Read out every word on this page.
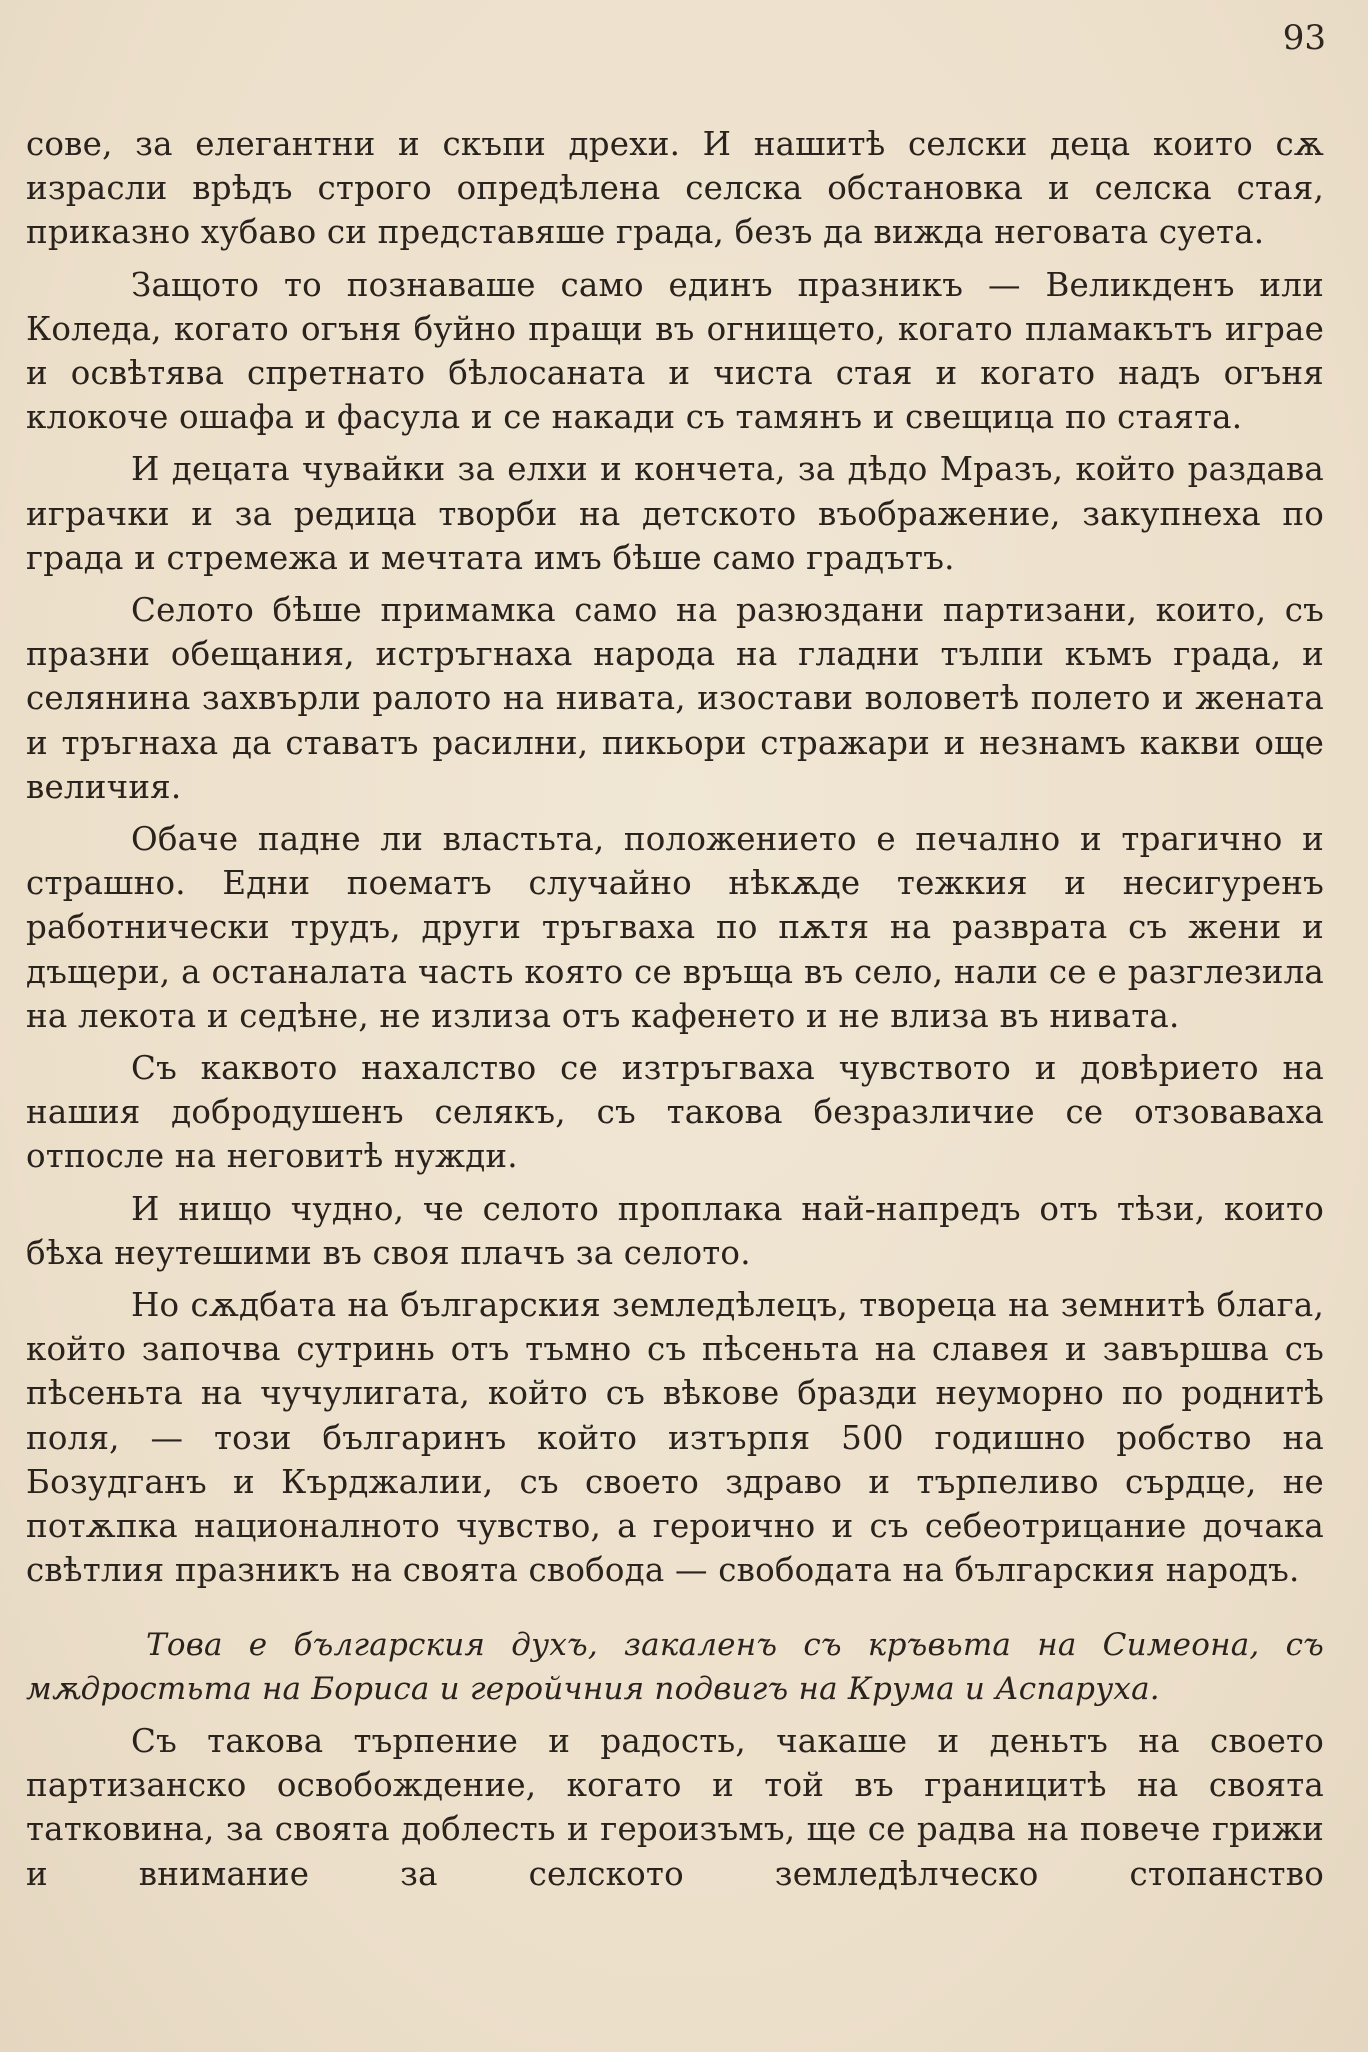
93

сове, за елегантни и скъпи дрехи. И нашитѣ селски деца които сѫ израсли врѣдъ строго опредѣлена селска обстановка и селска стая, приказно хубаво си представяше града, безъ да вижда неговата суета.

Защото то познаваше само единъ празникъ — Великденъ или Коледа, когато огъня буйно пращи въ огнището, когато пламакътъ играе и освѣтява спретнато бѣлосаната и чиста стая и когато надъ огъня клокоче ошафа и фасула и се накади съ тамянъ и свещица по стаята.

И децата чувайки за елхи и кончета, за дѣдо Мразъ, който раздава играчки и за редица творби на детското въображение, закупнеха по града и стремежа и мечтата имъ бѣше само градътъ.

Селото бѣше примамка само на разюздани партизани, които, съ празни обещания, истръгнаха народа на гладни тълпи къмъ града, и селянина захвърли ралото на нивата, изостави воловетѣ полето и жената и тръгнаха да ставатъ расилни, пикьори стражари и незнамъ какви още величия.

Обаче падне ли властьта, положението е печално и трагично и страшно. Едни поематъ случайно нѣкѫде тежкия и несигуренъ работнически трудъ, други тръгваха по пѫтя на разврата съ жени и дъщери, а останалата часть която се връща въ село, нали се е разглезила на лекота и седѣне, не излиза отъ кафенето и не влиза въ нивата.

Съ каквото нахалство се изтръгваха чувството и довѣрието на нашия добродушенъ селякъ, съ такова безразличие се отзоваваха отпосле на неговитѣ нужди.

И нищо чудно, че селото проплака най-напредъ отъ тѣзи, които бѣха неутешими въ своя плачъ за селото.

Но сѫдбата на българския земледѣлецъ, твореца на земнитѣ блага, който започва сутринь отъ тъмно съ пѣсеньта на славея и завършва съ пѣсеньта на чучулигата, който съ вѣкове бразди неуморно по роднитѣ поля, — този българинъ който изтърпя 500 годишно робство на Бозудганъ и Кърджалии, съ своето здраво и търпеливо сърдце, не потѫпка националното чувство, а героично и съ себеотрицание дочака свѣтлия празникъ на своята свобода — свободата на българския народъ.

Това е българския духъ, закаленъ съ кръвьта на Симеона, съ мѫдростьта на Бориса и геройчния подвигъ на Крума и Аспаруха.

Съ такова търпение и радость, чакаше и деньтъ на своето партизанско освобождение, когато и той въ границитѣ на своята татковина, за своята доблесть и героизъмъ, ще се радва на повече грижи и внимание за селското земледѣлческо стопанство
